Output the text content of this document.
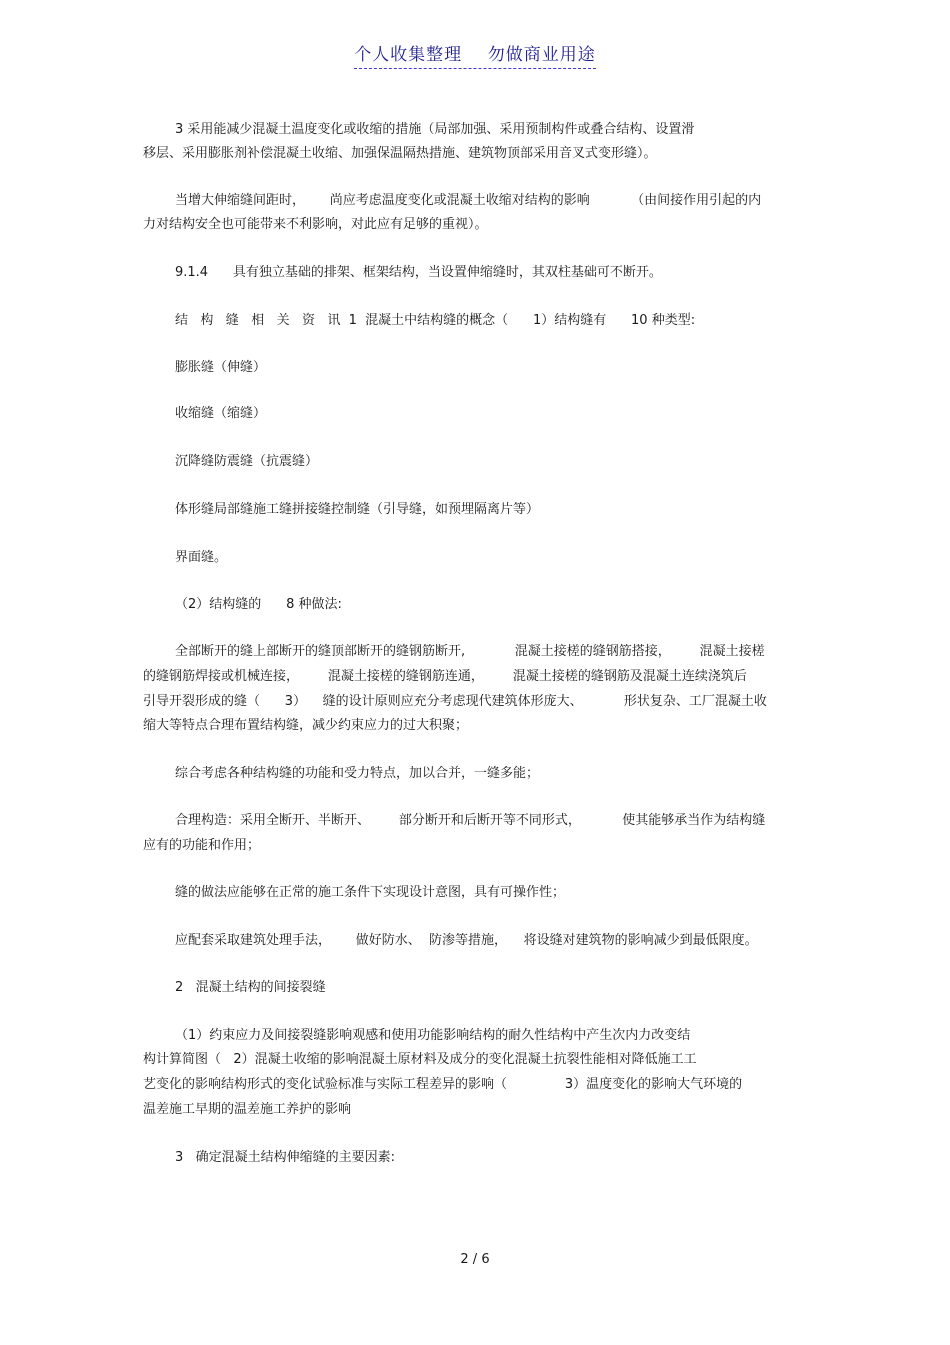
个人收集整理    勿做商业用途
3 采用能减少混凝土温度变化或收缩的措施（局部加强、采用预制构件或叠合结构、设置滑
移层、采用膨胀剂补偿混凝土收缩、加强保温隔热措施、建筑物顶部采用音叉式变形缝）。
当增大伸缩缝间距时，      尚应考虑温度变化或混凝土收缩对结构的影响          （由间接作用引起的内
力对结构安全也可能带来不利影响，对此应有足够的重视）。
9.1.4      具有独立基础的排架、框架结构，当设置伸缩缝时，其双柱基础可不断开。
结   构   缝   相   关   资   讯  1  混凝土中结构缝的概念（      1）结构缝有      10 种类型:
膨胀缝（伸缝）
收缩缝（缩缝）
沉降缝防震缝（抗震缝）
体形缝局部缝施工缝拼接缝控制缝（引导缝，如预埋隔离片等）
界面缝。
（2）结构缝的      8 种做法:
全部断开的缝上部断开的缝顶部断开的缝钢筋断开,            混凝土接槎的缝钢筋搭接，       混凝土接槎
的缝钢筋焊接或机械连接，       混凝土接槎的缝钢筋连通，       混凝土接槎的缝钢筋及混凝土连续浇筑后
引导开裂形成的缝（      3）    缝的设计原则应充分考虑现代建筑体形庞大、          形状复杂、工厂混凝土收
缩大等特点合理布置结构缝，减少约束应力的过大积聚；
综合考虑各种结构缝的功能和受力特点，加以合并，一缝多能；
合理构造：采用全断开、半断开、       部分断开和后断开等不同形式，          使其能够承当作为结构缝
应有的功能和作用；
缝的做法应能够在正常的施工条件下实现设计意图，具有可操作性；
应配套采取建筑处理手法，      做好防水、  防渗等措施，    将设缝对建筑物的影响减少到最低限度。
2   混凝土结构的间接裂缝
（1）约束应力及间接裂缝影响观感和使用功能影响结构的耐久性结构中产生次内力改变结
构计算简图（   2）混凝土收缩的影响混凝土原材料及成分的变化混凝土抗裂性能相对降低施工工
艺变化的影响结构形式的变化试验标准与实际工程差异的影响（              3）温度变化的影响大气环境的
温差施工早期的温差施工养护的影响
3   确定混凝土结构伸缩缝的主要因素:
2 / 6
